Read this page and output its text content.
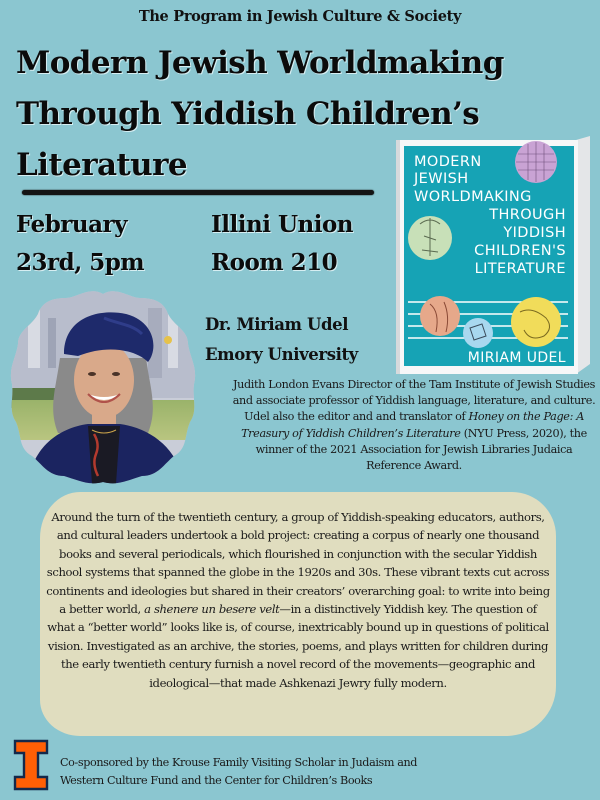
The Program in Jewish Culture & Society
Modern Jewish Worldmaking
Through Yiddish Children’s
Literature
February
23rd, 5pm
Illini Union
Room 210
Dr. Miriam Udel
Emory University
MODERN
JEWISH
WORLDMAKING
THROUGH
YIDDISH
CHILDREN'S
LITERATURE
MIRIAM UDEL
Judith London Evans Director of the Tam Institute of Jewish Studies and associate professor of Yiddish language, literature, and culture. Udel also the editor and and translator of Honey on the Page: A Treasury of Yiddish Children’s Literature (NYU Press, 2020), the winner of the 2021 Association for Jewish Libraries Judaica Reference Award.
Around the turn of the twentieth century, a group of Yiddish-speaking educators, authors, and cultural leaders undertook a bold project: creating a corpus of nearly one thousand books and several periodicals, which flourished in conjunction with the secular Yiddish school systems that spanned the globe in the 1920s and 30s. These vibrant texts cut across continents and ideologies but shared in their creators’ overarching goal: to write into being a better world, a shenere un besere velt—in a distinctively Yiddish key. The question of what a “better world” looks like is, of course, inextricably bound up in questions of political vision. Investigated as an archive, the stories, poems, and plays written for children during the early twentieth century furnish a novel record of the movements—geographic and ideological—that made Ashkenazi Jewry fully modern.
Co-sponsored by the Krouse Family Visiting Scholar in Judaism and
Western Culture Fund and the Center for Children’s Books
